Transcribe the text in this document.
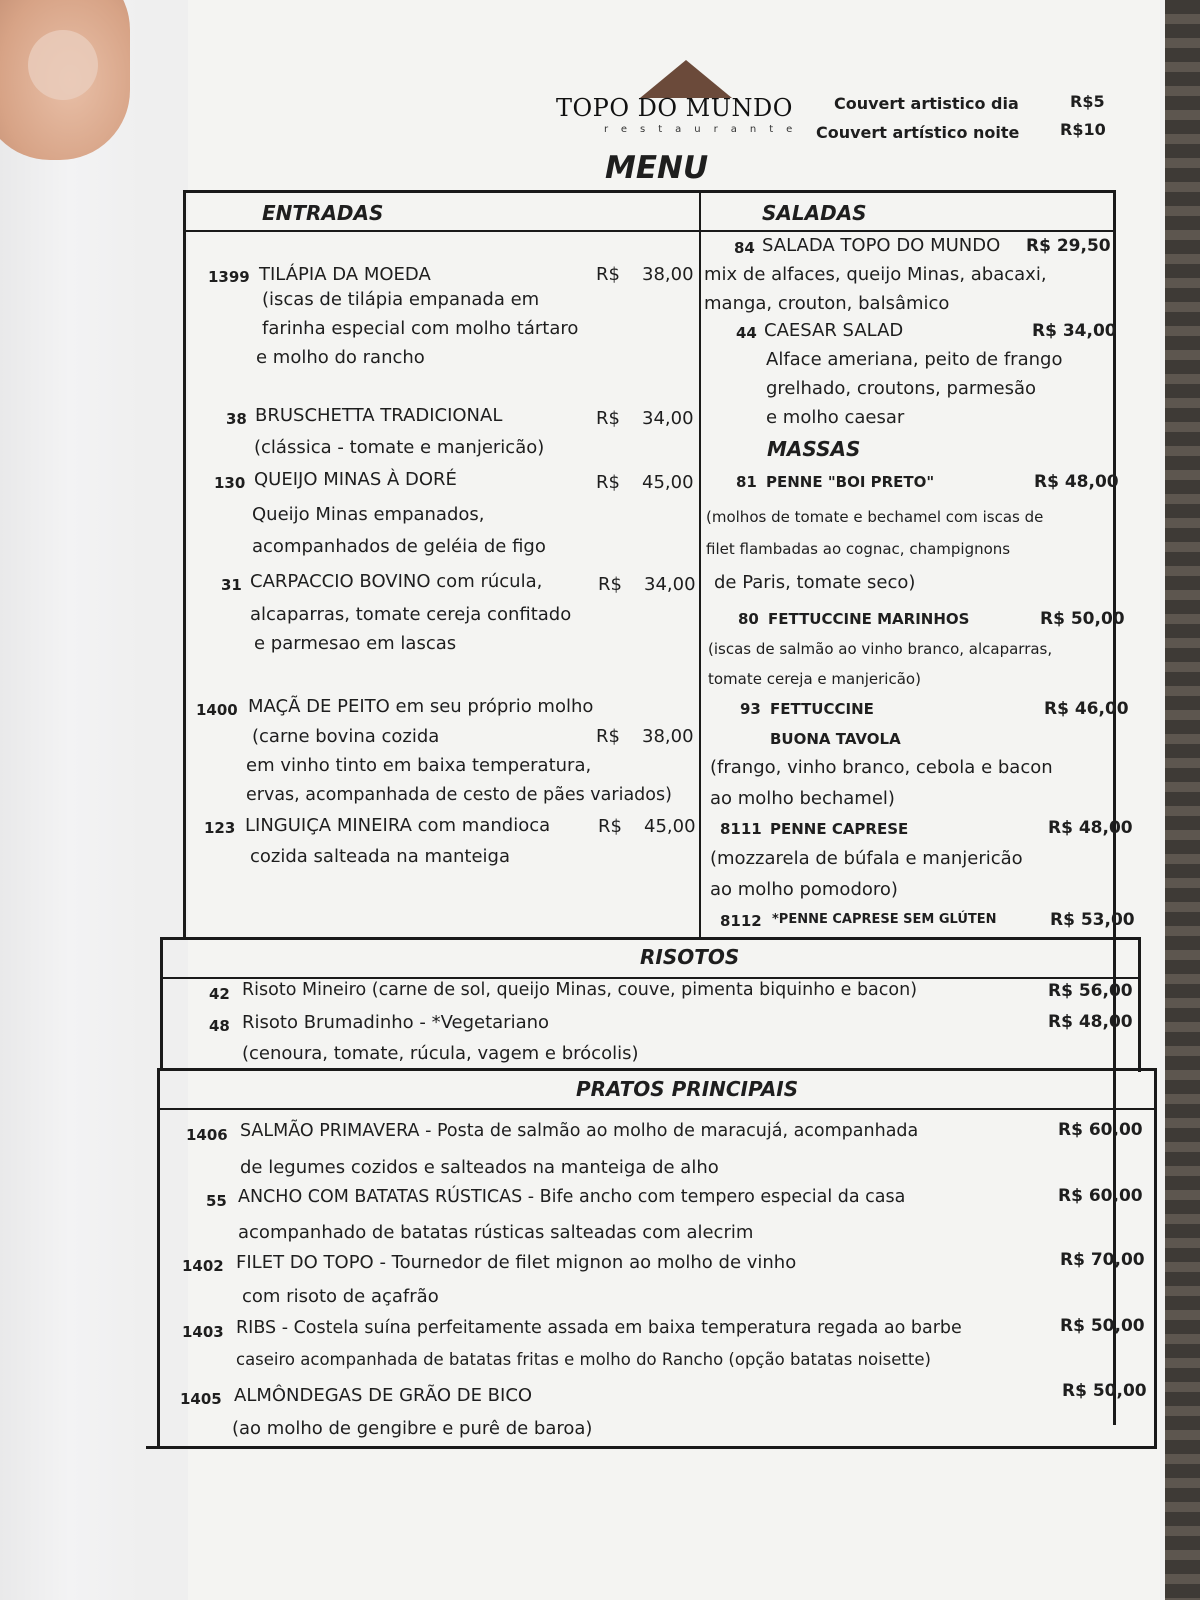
TOPO DO MUNDO
restaurante
Couvert artistico dia	R$5
Couvert artístico noite	R$10
MENU
ENTRADAS	SALADAS
RISOTOS
PRATOS PRINCIPAIS
1399 TILÁPIA DA MOEDA	R$ 38,00
(iscas de tilápia empanada em
farinha especial com molho tártaro
e molho do rancho
38 BRUSCHETTA TRADICIONAL	R$ 34,00
(clássica - tomate e manjericão)
130 QUEIJO MINAS À DORÉ	R$ 45,00
Queijo Minas empanados,
acompanhados de geléia de figo
31 CARPACCIO BOVINO com rúcula,	R$ 34,00
alcaparras, tomate cereja confitado
e parmesao em lascas
1400 MAÇÃ DE PEITO em seu próprio molho
(carne bovina cozida	R$ 38,00
em vinho tinto em baixa temperatura,
ervas, acompanhada de cesto de pães variados)
123 LINGUIÇA MINEIRA com mandioca	R$ 45,00
cozida salteada na manteiga
84 SALADA TOPO DO MUNDO R$ 29,50
mix de alfaces, queijo Minas, abacaxi,
manga, crouton, balsâmico
44 CAESAR SALAD	R$ 34,00
Alface ameriana, peito de frango
grelhado, croutons, parmesão
e molho caesar
MASSAS
81 PENNE "BOI PRETO"	R$ 48,00
(molhos de tomate e bechamel com iscas de
filet flambadas ao cognac, champignons
de Paris, tomate seco)
80 FETTUCCINE MARINHOS	R$ 50,00
(iscas de salmão ao vinho branco, alcaparras,
tomate cereja e manjericão)
93 FETTUCCINE	R$ 46,00
BUONA TAVOLA
(frango, vinho branco, cebola e bacon
ao molho bechamel)
8111 PENNE CAPRESE	R$ 48,00
(mozzarela de búfala e manjericão
ao molho pomodoro)
8112 *PENNE CAPRESE SEM GLÚTEN	R$ 53,00
42 Risoto Mineiro (carne de sol, queijo Minas, couve, pimenta biquinho e bacon)	R$ 56,00
48 Risoto Brumadinho - *Vegetariano	R$ 48,00
(cenoura, tomate, rúcula, vagem e brócolis)
1406 SALMÃO PRIMAVERA - Posta de salmão ao molho de maracujá, acompanhada	R$ 60,00
de legumes cozidos e salteados na manteiga de alho
55 ANCHO COM BATATAS RÚSTICAS - Bife ancho com tempero especial da casa	R$ 60,00
acompanhado de batatas rústicas salteadas com alecrim
1402 FILET DO TOPO - Tournedor de filet mignon ao molho de vinho	R$ 70,00
com risoto de açafrão
1403 RIBS - Costela suína perfeitamente assada em baixa temperatura regada ao barbe	R$ 50,00
caseiro acompanhada de batatas fritas e molho do Rancho (opção batatas noisette)
1405 ALMÔNDEGAS DE GRÃO DE BICO	R$ 50,00
(ao molho de gengibre e purê de baroa)
